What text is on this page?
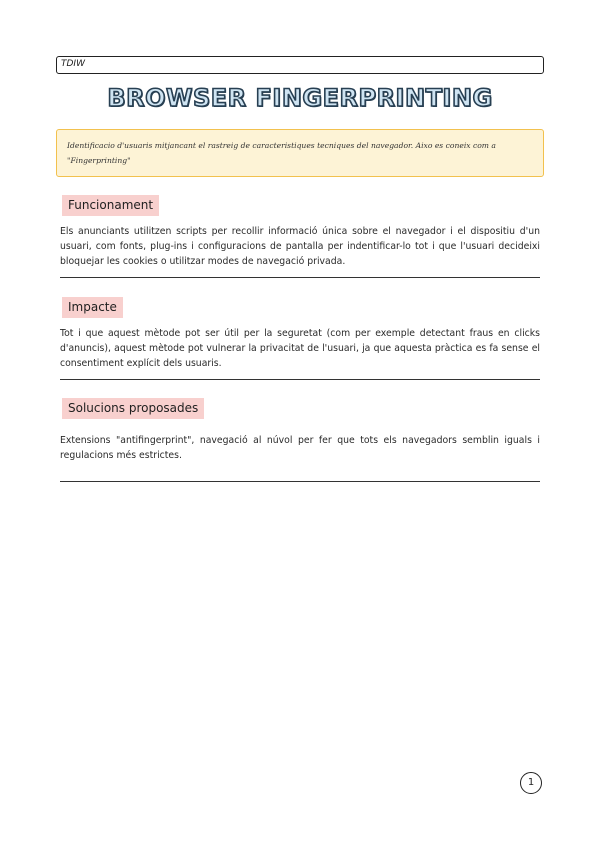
TDIW
BROWSER FINGERPRINTING
Identificacio d'usuaris mitjancant el rastreig de caracteristiques tecniques del navegador. Aixo es coneix com a "Fingerprinting"
Funcionament
Els anunciants utilitzen scripts per recollir informació única sobre el navegador i el dispositiu d'un usuari, com fonts, plug-ins i configuracions de pantalla per indentificar-lo tot i que l'usuari decideixi bloquejar les cookies o utilitzar modes de navegació privada.
Impacte
Tot i que aquest mètode pot ser útil per la seguretat (com per exemple detectant fraus en clicks d'anuncis), aquest mètode pot vulnerar la privacitat de l'usuari, ja que aquesta pràctica es fa sense el consentiment explícit dels usuaris.
Solucions proposades
Extensions "antifingerprint", navegació al núvol per fer que tots els navegadors semblin iguals i regulacions més estrictes.
1
